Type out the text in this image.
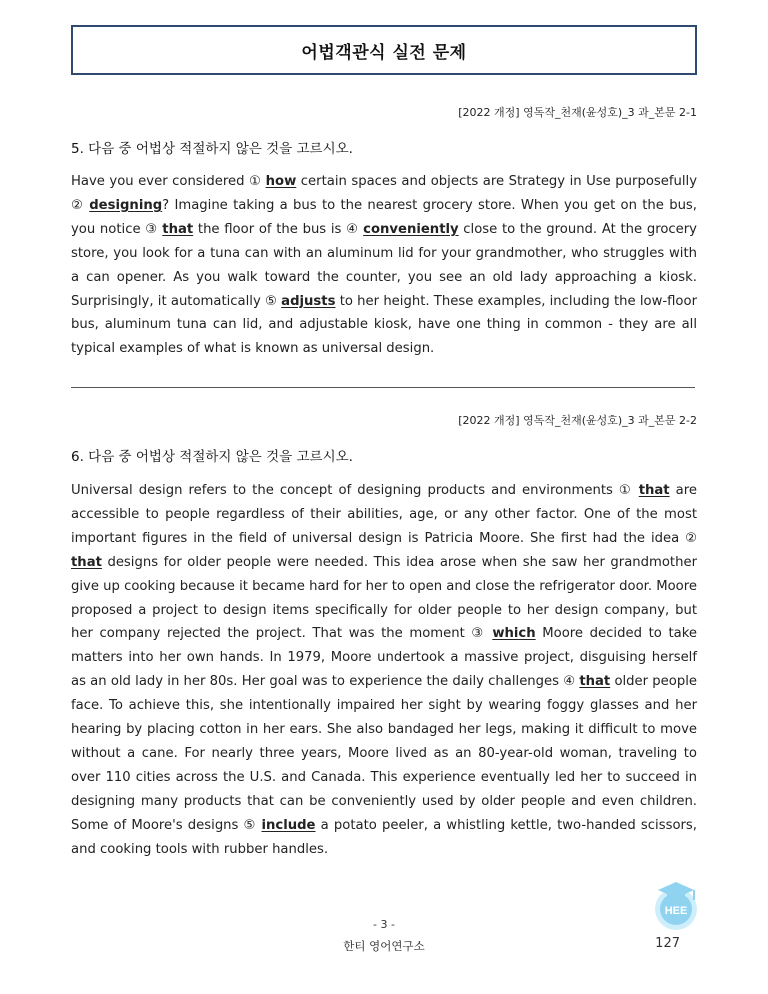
어법객관식 실전 문제
[2022 개정] 영독작_천재(윤성호)_3 과_본문 2-1
5. 다음 중 어법상 적절하지 않은 것을 고르시오.

Have you ever considered ① how certain spaces and objects are Strategy in Use purposefully ② designing? Imagine taking a bus to the nearest grocery store. When you get on the bus, you notice ③ that the floor of the bus is ④ conveniently close to the ground. At the grocery store, you look for a tuna can with an aluminum lid for your grandmother, who struggles with a can opener. As you walk toward the counter, you see an old lady approaching a kiosk. Surprisingly, it automatically ⑤ adjusts to her height. These examples, including the low-floor bus, aluminum tuna can lid, and adjustable kiosk, have one thing in common - they are all typical examples of what is known as universal design.

[2022 개정] 영독작_천재(윤성호)_3 과_본문 2-2
6. 다음 중 어법상 적절하지 않은 것을 고르시오.

Universal design refers to the concept of designing products and environments ① that are accessible to people regardless of their abilities, age, or any other factor. One of the most important figures in the field of universal design is Patricia Moore. She first had the idea ② that designs for older people were needed. This idea arose when she saw her grandmother give up cooking because it became hard for her to open and close the refrigerator door. Moore proposed a project to design items specifically for older people to her design company, but her company rejected the project. That was the moment ③ which Moore decided to take matters into her own hands. In 1979, Moore undertook a massive project, disguising herself as an old lady in her 80s. Her goal was to experience the daily challenges ④ that older people face. To achieve this, she intentionally impaired her sight by wearing foggy glasses and her hearing by placing cotton in her ears. She also bandaged her legs, making it difficult to move without a cane. For nearly three years, Moore lived as an 80-year-old woman, traveling to over 110 cities across the U.S. and Canada. This experience eventually led her to succeed in designing many products that can be conveniently used by older people and even children. Some of Moore's designs ⑤ include a potato peeler, a whistling kettle, two-handed scissors, and cooking tools with rubber handles.

HEE
- 3 -
한티 영어연구소	127
